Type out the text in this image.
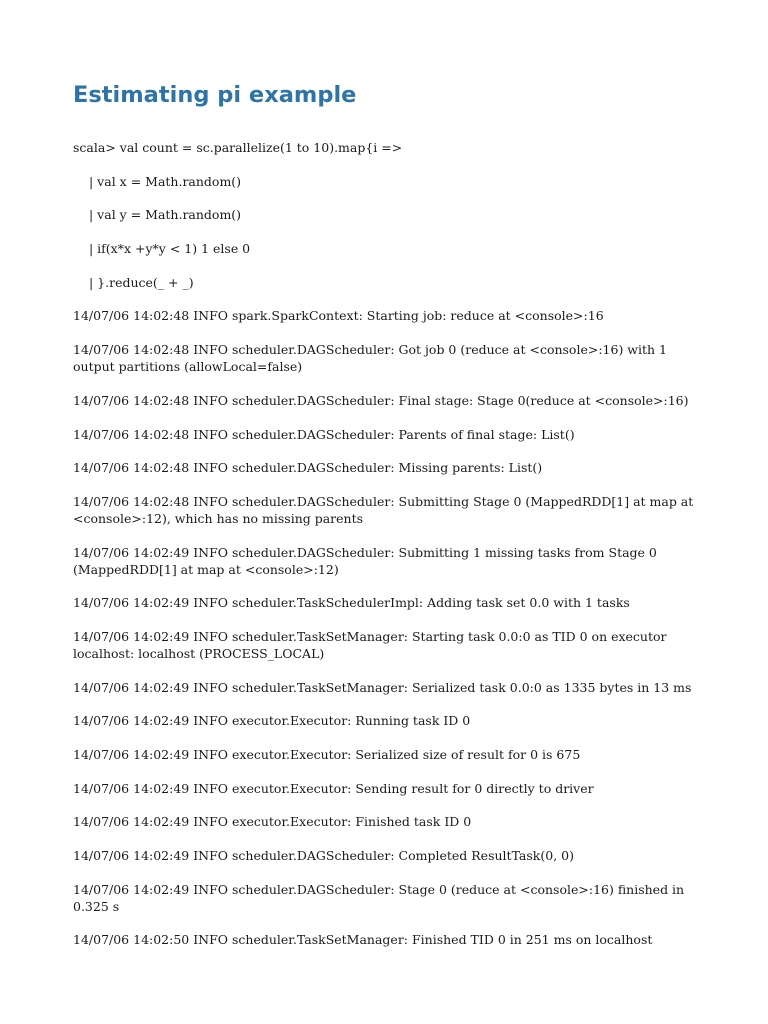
Estimating pi example

scala> val count = sc.parallelize(1 to 10).map{i =>

| val x = Math.random()

| val y = Math.random()

| if(x*x +y*y < 1) 1 else 0

| }.reduce(_ + _)

14/07/06 14:02:48 INFO spark.SparkContext: Starting job: reduce at <console>:16

14/07/06 14:02:48 INFO scheduler.DAGScheduler: Got job 0 (reduce at <console>:16) with 1 output partitions (allowLocal=false)

14/07/06 14:02:48 INFO scheduler.DAGScheduler: Final stage: Stage 0(reduce at <console>:16)

14/07/06 14:02:48 INFO scheduler.DAGScheduler: Parents of final stage: List()

14/07/06 14:02:48 INFO scheduler.DAGScheduler: Missing parents: List()

14/07/06 14:02:48 INFO scheduler.DAGScheduler: Submitting Stage 0 (MappedRDD[1] at map at <console>:12), which has no missing parents

14/07/06 14:02:49 INFO scheduler.DAGScheduler: Submitting 1 missing tasks from Stage 0 (MappedRDD[1] at map at <console>:12)

14/07/06 14:02:49 INFO scheduler.TaskSchedulerImpl: Adding task set 0.0 with 1 tasks

14/07/06 14:02:49 INFO scheduler.TaskSetManager: Starting task 0.0:0 as TID 0 on executor localhost: localhost (PROCESS_LOCAL)

14/07/06 14:02:49 INFO scheduler.TaskSetManager: Serialized task 0.0:0 as 1335 bytes in 13 ms

14/07/06 14:02:49 INFO executor.Executor: Running task ID 0

14/07/06 14:02:49 INFO executor.Executor: Serialized size of result for 0 is 675

14/07/06 14:02:49 INFO executor.Executor: Sending result for 0 directly to driver

14/07/06 14:02:49 INFO executor.Executor: Finished task ID 0

14/07/06 14:02:49 INFO scheduler.DAGScheduler: Completed ResultTask(0, 0)

14/07/06 14:02:49 INFO scheduler.DAGScheduler: Stage 0 (reduce at <console>:16) finished in 0.325 s

14/07/06 14:02:50 INFO scheduler.TaskSetManager: Finished TID 0 in 251 ms on localhost
